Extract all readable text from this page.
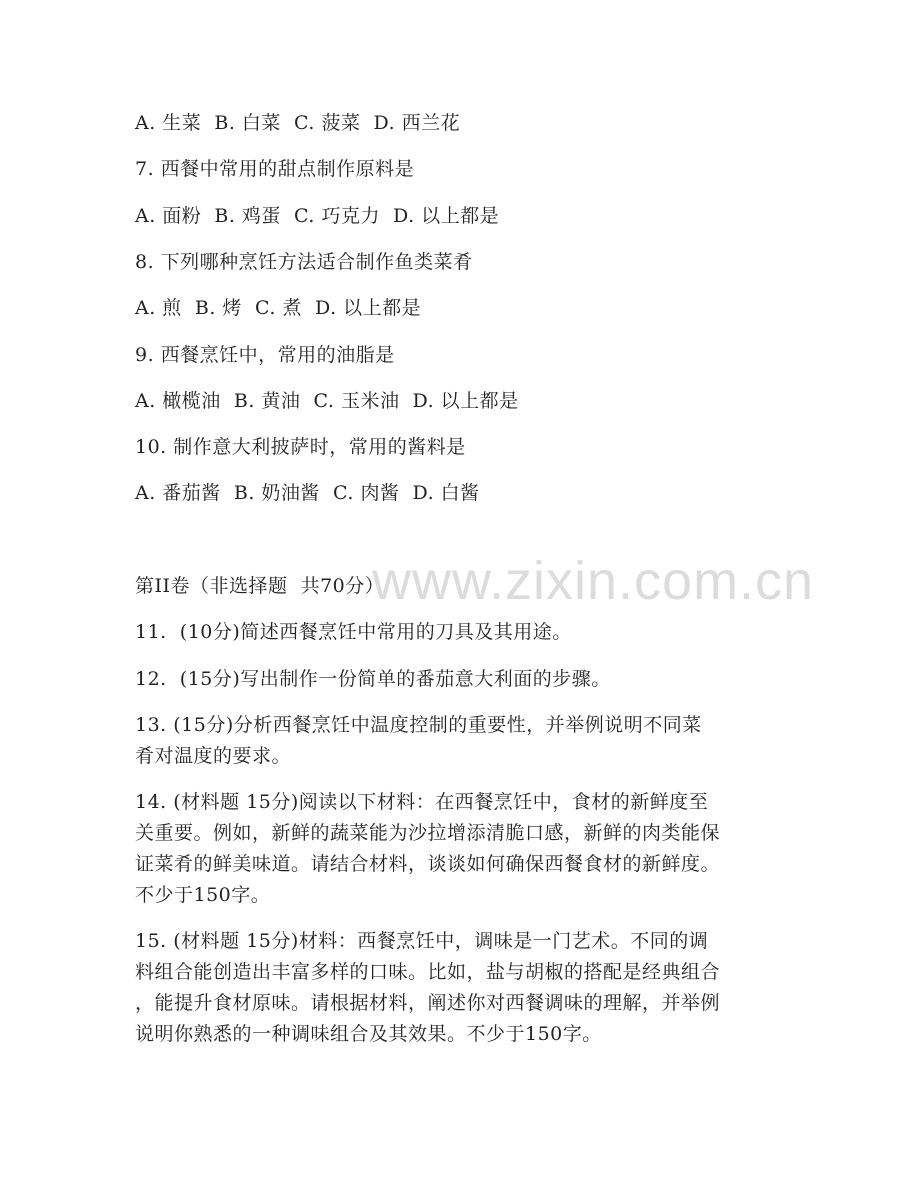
A. 生菜  B. 白菜  C. 菠菜  D. 西兰花
7. 西餐中常用的甜点制作原料是
A. 面粉  B. 鸡蛋  C. 巧克力  D. 以上都是
8. 下列哪种烹饪方法适合制作鱼类菜肴
A. 煎  B. 烤  C. 煮  D. 以上都是
9. 西餐烹饪中，常用的油脂是
A. 橄榄油  B. 黄油  C. 玉米油  D. 以上都是
10. 制作意大利披萨时，常用的酱料是
A. 番茄酱  B. 奶油酱  C. 肉酱  D. 白酱
www.zixin.com.cn
第II卷（非选择题  共70分）
11.  (10分)简述西餐烹饪中常用的刀具及其用途。
12.  (15分)写出制作一份简单的番茄意大利面的步骤。
13. (15分)分析西餐烹饪中温度控制的重要性，并举例说明不同菜
肴对温度的要求。
14. (材料题 15分)阅读以下材料：在西餐烹饪中，食材的新鲜度至
关重要。例如，新鲜的蔬菜能为沙拉增添清脆口感，新鲜的肉类能保
证菜肴的鲜美味道。请结合材料，谈谈如何确保西餐食材的新鲜度。
不少于150字。
15. (材料题 15分)材料：西餐烹饪中，调味是一门艺术。不同的调
料组合能创造出丰富多样的口味。比如，盐与胡椒的搭配是经典组合
，能提升食材原味。请根据材料，阐述你对西餐调味的理解，并举例
说明你熟悉的一种调味组合及其效果。不少于150字。
